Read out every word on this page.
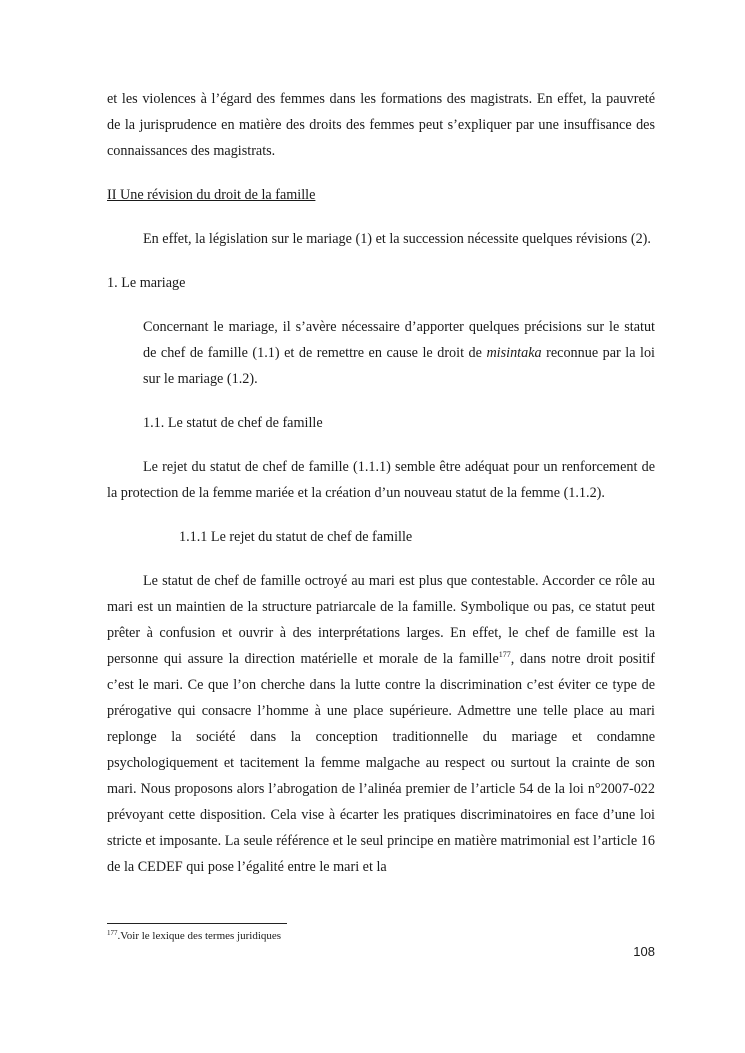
et les violences à l’égard des femmes dans les formations des magistrats. En effet, la pauvreté de la jurisprudence en matière des droits des femmes peut s’expliquer par une insuffisance des connaissances des magistrats.

II Une révision du droit de la famille

En effet, la législation sur le mariage (1) et la succession nécessite quelques révisions (2).

1. Le mariage

Concernant le mariage, il s’avère nécessaire d’apporter quelques précisions sur le statut de chef de famille (1.1) et de remettre en cause le droit de misintaka reconnue par la loi sur le mariage (1.2).

1.1. Le statut de chef de famille

Le rejet du statut de chef de famille (1.1.1) semble être adéquat pour un renforcement de la protection de la femme mariée et la création d’un nouveau statut de la femme (1.1.2).

1.1.1 Le rejet du statut de chef de famille

Le statut de chef de famille octroyé au mari est plus que contestable. Accorder ce rôle au mari est un maintien de la structure patriarcale de la famille. Symbolique ou pas, ce statut peut prêter à confusion et ouvrir à des interprétations larges. En effet, le chef de famille est la personne qui assure la direction matérielle et morale de la famille$^{177}$, dans notre droit positif c’est le mari. Ce que l’on cherche dans la lutte contre la discrimination c’est éviter ce type de prérogative qui consacre l’homme à une place supérieure. Admettre une telle place au mari replonge la société dans la conception traditionnelle du mariage et condamne psychologiquement et tacitement la femme malgache au respect ou surtout la crainte de son mari. Nous proposons alors l’abrogation de l’alinéa premier de l’article 54 de la loi n°2007-022 prévoyant cette disposition. Cela vise à écarter les pratiques discriminatoires en face d’une loi stricte et imposante. La seule référence et le seul principe en matière matrimonial est l’article 16 de la CEDEF qui pose l’égalité entre le mari et la

$^{177}$.Voir le lexique des termes juridiques

108
